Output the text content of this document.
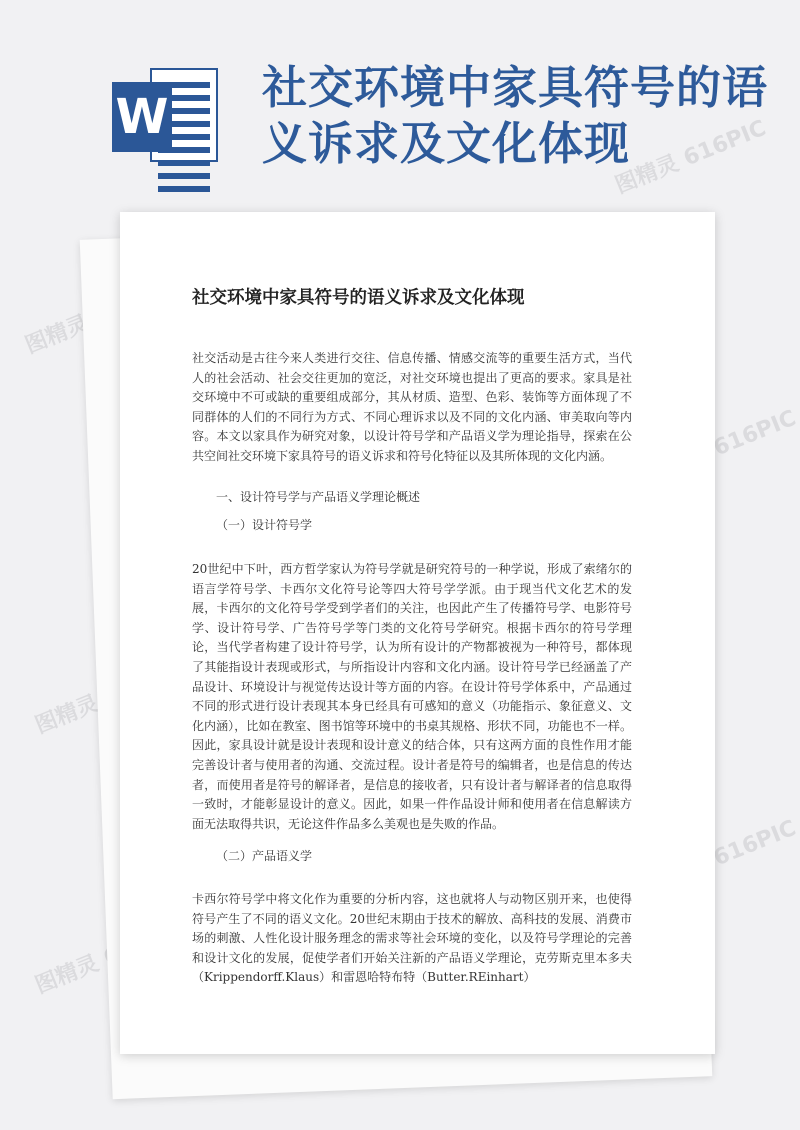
W
社交环境中家具符号的语义诉求及文化体现
图精灵
图精灵 616PIC
图精灵
图精灵 616PIC
图精灵 616PIC
图精灵
社交环境中家具符号的语义诉求及文化体现
社交活动是古往今来人类进行交往、信息传播、情感交流等的重要生活方式，当代人的社会活动、社会交往更加的宽泛，对社交环境也提出了更高的要求。家具是社交环境中不可或缺的重要组成部分，其从材质、造型、色彩、装饰等方面体现了不同群体的人们的不同行为方式、不同心理诉求以及不同的文化内涵、审美取向等内容。本文以家具作为研究对象，以设计符号学和产品语义学为理论指导，探索在公共空间社交环境下家具符号的语义诉求和符号化特征以及其所体现的文化内涵。
一、设计符号学与产品语义学理论概述
（一）设计符号学
20世纪中下叶，西方哲学家认为符号学就是研究符号的一种学说，形成了索绪尔的语言学符号学、卡西尔文化符号论等四大符号学学派。由于现当代文化艺术的发展，卡西尔的文化符号学受到学者们的关注，也因此产生了传播符号学、电影符号学、设计符号学、广告符号学等门类的文化符号学研究。根据卡西尔的符号学理论，当代学者构建了设计符号学，认为所有设计的产物都被视为一种符号，都体现了其能指设计表现或形式，与所指设计内容和文化内涵。设计符号学已经涵盖了产品设计、环境设计与视觉传达设计等方面的内容。在设计符号学体系中，产品通过不同的形式进行设计表现其本身已经具有可感知的意义（功能指示、象征意义、文化内涵），比如在教室、图书馆等环境中的书桌其规格、形状不同，功能也不一样。因此，家具设计就是设计表现和设计意义的结合体，只有这两方面的良性作用才能完善设计者与使用者的沟通、交流过程。设计者是符号的编辑者，也是信息的传达者，而使用者是符号的解译者，是信息的接收者，只有设计者与解译者的信息取得一致时，才能彰显设计的意义。因此，如果一件作品设计师和使用者在信息解读方面无法取得共识，无论这件作品多么美观也是失败的作品。
（二）产品语义学
卡西尔符号学中将文化作为重要的分析内容，这也就将人与动物区别开来，也使得符号产生了不同的语义文化。20世纪末期由于技术的解放、高科技的发展、消费市场的刺激、人性化设计服务理念的需求等社会环境的变化，以及符号学理论的完善和设计文化的发展，促使学者们开始关注新的产品语义学理论，克劳斯克里本多夫（Krippendorff.Klaus）和雷恩哈特布特（Butter.REinhart）
